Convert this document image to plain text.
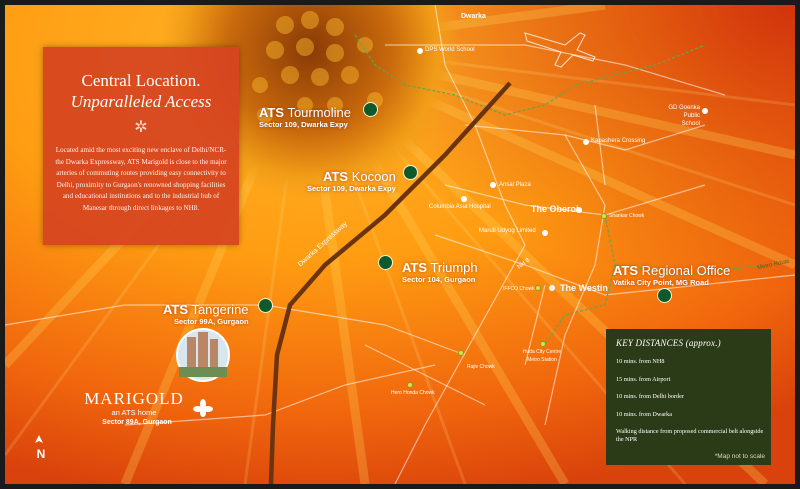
Central Location.
Unparalleled Access
✲
Located amid the most exciting new enclave of Delhi/NCR- the Dwarka Expressway, ATS Marigold is close to the major arteries of commuting routes providing easy connectivity to Delhi, proximity to Gurgaon's renowned shopping facilities and educational institutions and to the industrial hub of Manesar through direct linkages to NH8.
Dwarka
ATS Tourmoline
Sector 109, Dwarka Expy
ATS Kocoon
Sector 109, Dwarka Expy
ATS Triumph
Sector 104, Gurgaon
ATS Tangerine
Sector 99A, Gurgaon
ATS Regional Office
Vatika City Point, MG Road
DPS World School
GD Goenka Public School
Kapashera Crossing
Ansal Plaza
Columbia Asia Hospital
Maruti Udyog Limited
The Oberoi
Shankar Chowk
The Westin
IFFCO Chowk
Huda City Centre Metro Station
Rajiv Chowk
Hero Honda Chowk
Metro Route
Dwarka Expressway	NH 8
KEY DISTANCES (approx.)
10 mins. from NH8
15 mins. from Airport
10 mins. from Delhi border
10 mins. from Dwarka
Walking distance from proposed commercial belt alongside the NPR
*Map not to scale
MARIGOLD
an ATS home
Sector 89A, Gurgaon
N
